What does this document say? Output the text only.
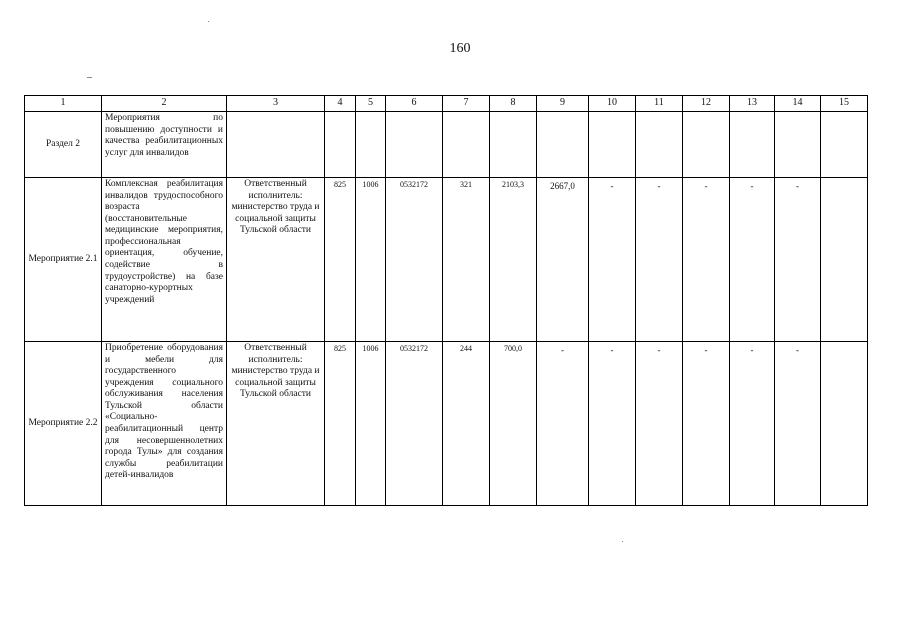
160
1	2	3	4	5	6	7	8	9	10	11	12	13	14	15
Раздел 2	Мероприятия по повышению доступности и качества реабилитационных услуг для инвалидов													
Мероприятие 2.1	Комплексная реабилитация инвалидов трудоспособного возраста (восстановительные медицинские мероприятия, профессиональная ориентация, обучение, содействие в трудоустройстве) на базе санаторно-курортных учреждений	Ответственный исполнитель: министерство труда и социальной защиты Тульской области	825	1006	0532172	321	2103,3	2667,0	-	-	-	-	-	
Мероприятие 2.2	Приобретение оборудования и мебели для государственного учреждения социального обслуживания населения Тульской области «Социально-реабилитационный центр для несовершеннолетних города Тулы» для создания службы реабилитации детей-инвалидов	Ответственный исполнитель: министерство труда и социальной защиты Тульской области	825	1006	0532172	244	700,0	-	-	-	-	-	-	
